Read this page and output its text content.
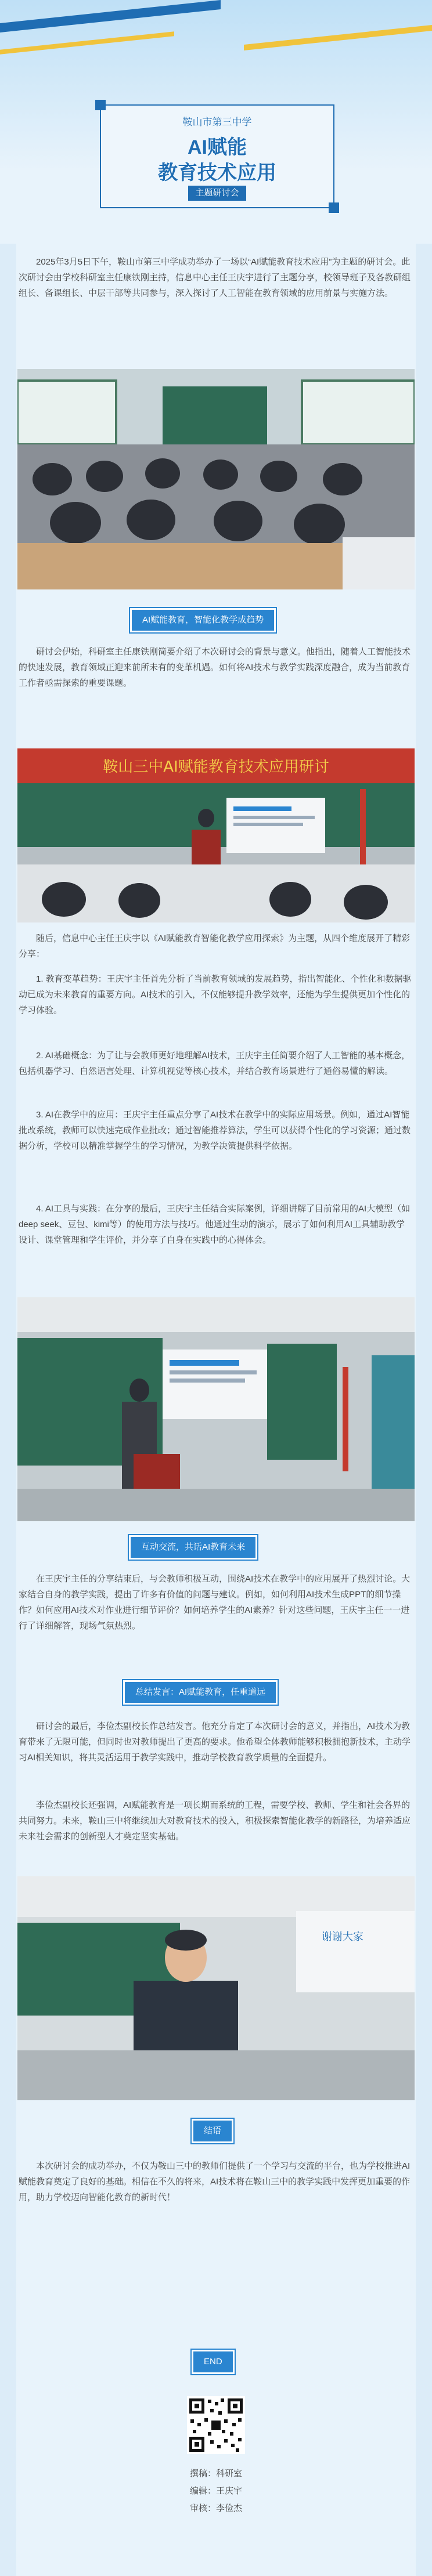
鞍山市第三中学
AI赋能
教育技术应用
主题研讨会

2025年3月5日下午，鞍山市第三中学成功举办了一场以“AI赋能教育技术应用”为主题的研讨会。此次研讨会由学校科研室主任康铁刚主持，信息中心主任王庆宇进行了主题分享，校领导班子及各教研组组长、备课组长、中层干部等共同参与，深入探讨了人工智能在教育领域的应用前景与实施方法。

AI赋能教育，智能化教学成趋势

研讨会伊始，科研室主任康铁刚简要介绍了本次研讨会的背景与意义。他指出，随着人工智能技术的快速发展，教育领域正迎来前所未有的变革机遇。如何将AI技术与教学实践深度融合，成为当前教育工作者亟需探索的重要课题。

鞍山三中AI赋能教育技术应用研讨

随后，信息中心主任王庆宇以《AI赋能教育智能化教学应用探索》为主题，从四个维度展开了精彩分享：

1. 教育变革趋势：王庆宇主任首先分析了当前教育领域的发展趋势，指出智能化、个性化和数据驱动已成为未来教育的重要方向。AI技术的引入，不仅能够提升教学效率，还能为学生提供更加个性化的学习体验。

2. AI基础概念：为了让与会教师更好地理解AI技术，王庆宇主任简要介绍了人工智能的基本概念，包括机器学习、自然语言处理、计算机视觉等核心技术，并结合教育场景进行了通俗易懂的解读。

3. AI在教学中的应用：王庆宇主任重点分享了AI技术在教学中的实际应用场景。例如，通过AI智能批改系统，教师可以快速完成作业批改；通过智能推荐算法，学生可以获得个性化的学习资源；通过数据分析，学校可以精准掌握学生的学习情况，为教学决策提供科学依据。

4. AI工具与实践：在分享的最后，王庆宇主任结合实际案例，详细讲解了目前常用的AI大模型（如deep seek、豆包、kimi等）的使用方法与技巧。他通过生动的演示，展示了如何利用AI工具辅助教学设计、课堂管理和学生评价，并分享了自身在实践中的心得体会。

互动交流，共话AI教育未来

在王庆宇主任的分享结束后，与会教师积极互动，围绕AI技术在教学中的应用展开了热烈讨论。大家结合自身的教学实践，提出了许多有价值的问题与建议。例如，如何利用AI技术生成PPT的细节操作？如何应用AI技术对作业进行细节评价？如何培养学生的AI素养？针对这些问题，王庆宇主任一一进行了详细解答，现场气氛热烈。

总结发言：AI赋能教育，任重道远

研讨会的最后，李俭杰副校长作总结发言。他充分肯定了本次研讨会的意义，并指出，AI技术为教育带来了无限可能，但同时也对教师提出了更高的要求。他希望全体教师能够积极拥抱新技术，主动学习AI相关知识，将其灵活运用于教学实践中，推动学校教育教学质量的全面提升。

李俭杰副校长还强调，AI赋能教育是一项长期而系统的工程，需要学校、教师、学生和社会各界的共同努力。未来，鞍山三中将继续加大对教育技术的投入，积极探索智能化教学的新路径，为培养适应未来社会需求的创新型人才奠定坚实基础。

谢谢大家
结语

本次研讨会的成功举办，不仅为鞍山三中的教师们提供了一个学习与交流的平台，也为学校推进AI赋能教育奠定了良好的基础。相信在不久的将来，AI技术将在鞍山三中的教学实践中发挥更加重要的作用，助力学校迈向智能化教育的新时代！

END
撰稿：科研室
编辑：王庆宇
审核：李俭杰
